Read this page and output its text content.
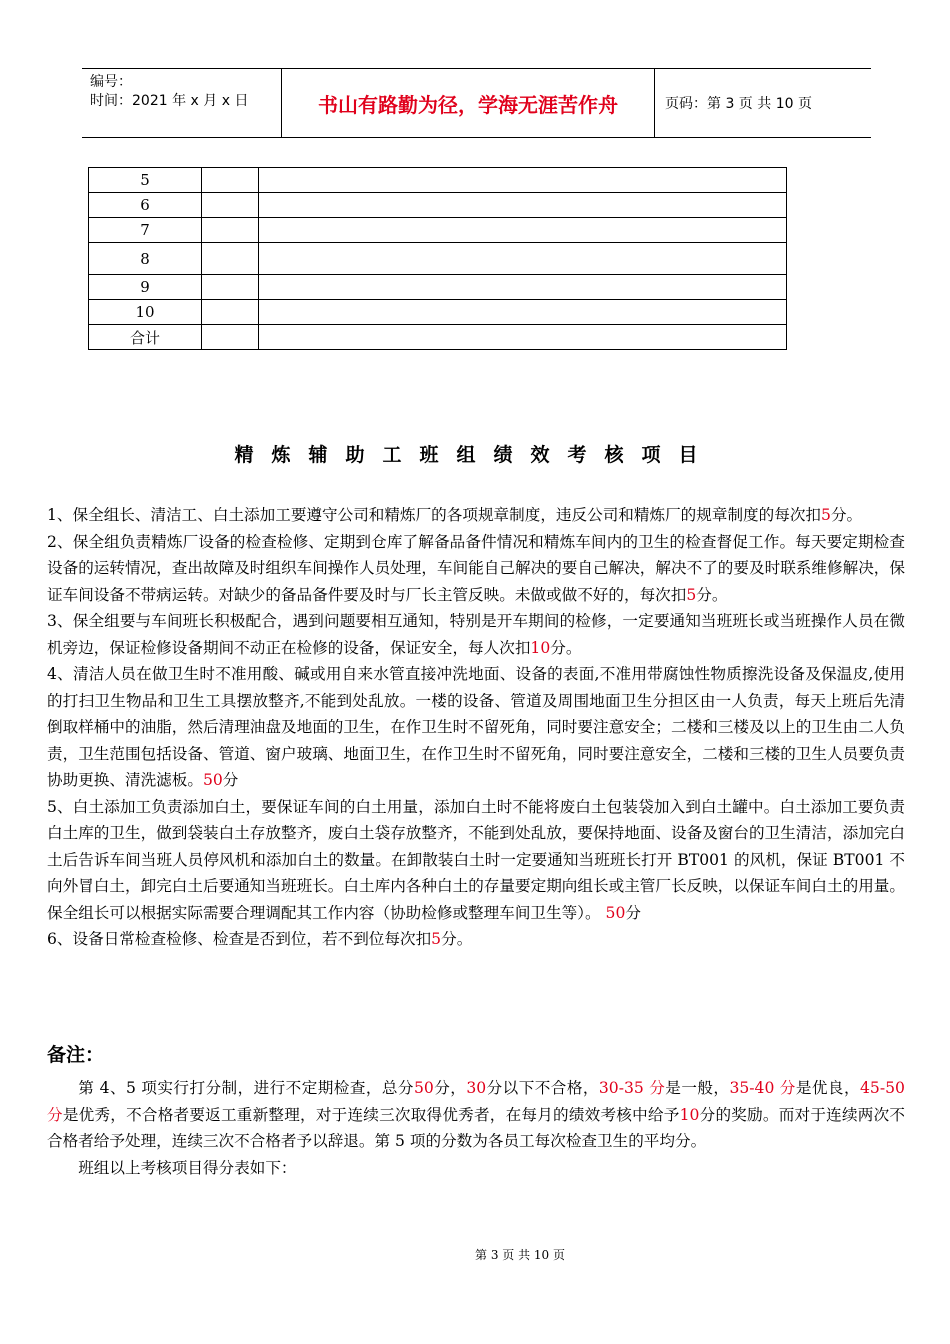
编号：
时间：2021 年 x 月 x 日	书山有路勤为径，学海无涯苦作舟	页码：第 3 页 共 10 页
5		
6		
7		
8		
9		
10		
合计		
精炼辅助工班组绩效考核项目

1、保全组长、清洁工、白土添加工要遵守公司和精炼厂的各项规章制度，违反公司和精炼厂的规章制度的每次扣5分。

2、保全组负责精炼厂设备的检查检修、定期到仓库了解备品备件情况和精炼车间内的卫生的检查督促工作。每天要定期检查设备的运转情况，查出故障及时组织车间操作人员处理，车间能自己解决的要自己解决，解决不了的要及时联系维修解决，保证车间设备不带病运转。对缺少的备品备件要及时与厂长主管反映。未做或做不好的，每次扣5分。

3、保全组要与车间班长积极配合，遇到问题要相互通知，特别是开车期间的检修，一定要通知当班班长或当班操作人员在微机旁边，保证检修设备期间不动正在检修的设备，保证安全，每人次扣10分。

4、清洁人员在做卫生时不准用酸、碱或用自来水管直接冲洗地面、设备的表面,不准用带腐蚀性物质擦洗设备及保温皮,使用的打扫卫生物品和卫生工具摆放整齐,不能到处乱放。一楼的设备、管道及周围地面卫生分担区由一人负责，每天上班后先清倒取样桶中的油脂，然后清理油盘及地面的卫生，在作卫生时不留死角，同时要注意安全；二楼和三楼及以上的卫生由二人负责，卫生范围包括设备、管道、窗户玻璃、地面卫生，在作卫生时不留死角，同时要注意安全，二楼和三楼的卫生人员要负责协助更换、清洗滤板。50分

5、白土添加工负责添加白土，要保证车间的白土用量，添加白土时不能将废白土包装袋加入到白土罐中。白土添加工要负责白土库的卫生，做到袋装白土存放整齐，废白土袋存放整齐，不能到处乱放，要保持地面、设备及窗台的卫生清洁，添加完白土后告诉车间当班人员停风机和添加白土的数量。在卸散装白土时一定要通知当班班长打开 BT001 的风机，保证 BT001 不向外冒白土，卸完白土后要通知当班班长。白土库内各种白土的存量要定期向组长或主管厂长反映，以保证车间白土的用量。保全组长可以根据实际需要合理调配其工作内容（协助检修或整理车间卫生等）。 50分

6、设备日常检查检修、检查是否到位，若不到位每次扣5分。

备注：

第 4、5 项实行打分制，进行不定期检查，总分50分，30分以下不合格，30-35 分是一般，35-40 分是优良，45-50 分是优秀，不合格者要返工重新整理，对于连续三次取得优秀者，在每月的绩效考核中给予10分的奖励。而对于连续两次不合格者给予处理，连续三次不合格者予以辞退。第 5 项的分数为各员工每次检查卫生的平均分。

班组以上考核项目得分表如下：

第 3 页 共 10 页
